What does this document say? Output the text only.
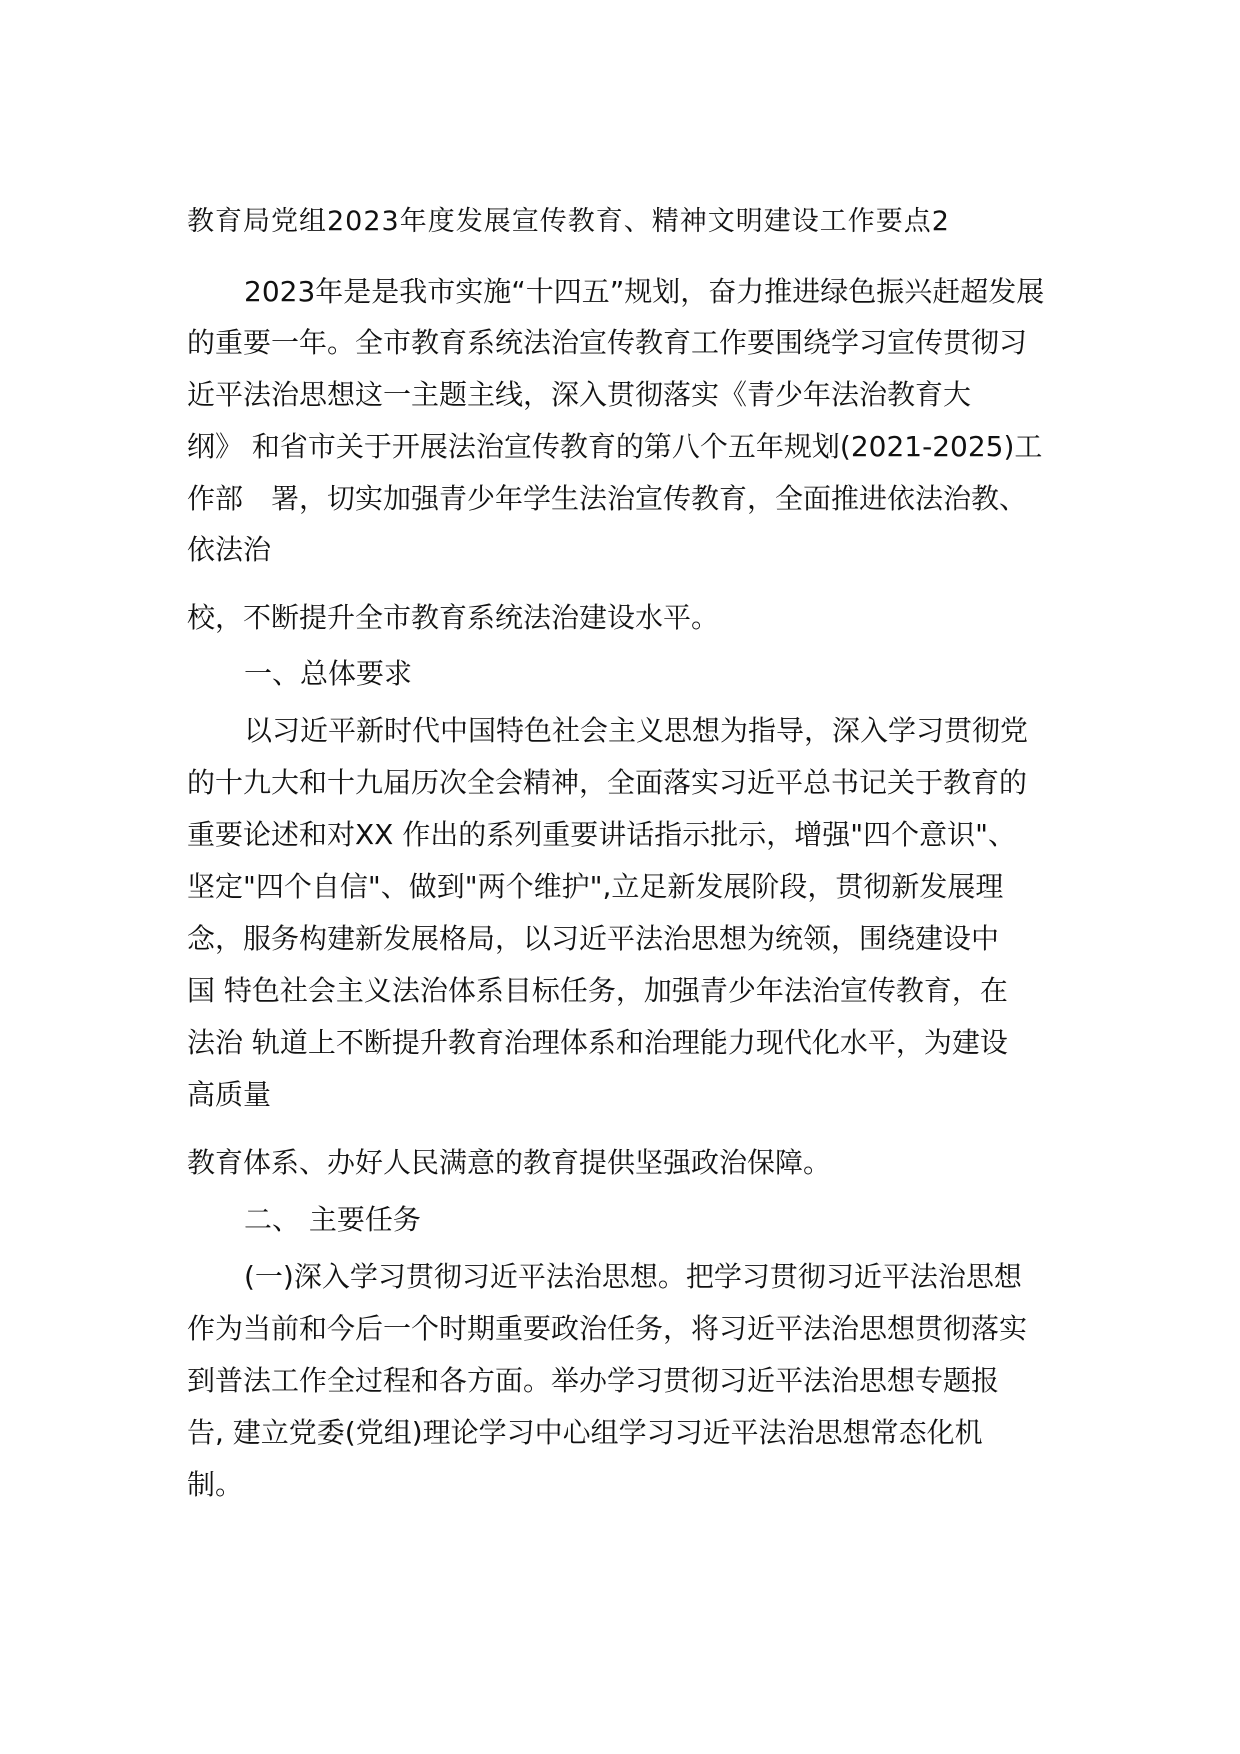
教育局党组2023年度发展宣传教育、精神文明建设工作要点2
2023年是是我市实施“十四五”规划，奋力推进绿色振兴赶超发展
的重要一年。全市教育系统法治宣传教育工作要围绕学习宣传贯彻习
近平法治思想这一主题主线，深入贯彻落实《青少年法治教育大
纲》 和省市关于开展法治宣传教育的第八个五年规划(2021-2025)工
作部　署，切实加强青少年学生法治宣传教育，全面推进依法治教、
依法治
校，不断提升全市教育系统法治建设水平。
一、总体要求
以习近平新时代中国特色社会主义思想为指导，深入学习贯彻党
的十九大和十九届历次全会精神，全面落实习近平总书记关于教育的
重要论述和对XX 作出的系列重要讲话指示批示，增强"四个意识"、
坚定"四个自信"、做到"两个维护",立足新发展阶段，贯彻新发展理
念，服务构建新发展格局，以习近平法治思想为统领，围绕建设中
国 特色社会主义法治体系目标任务，加强青少年法治宣传教育，在
法治 轨道上不断提升教育治理体系和治理能力现代化水平，为建设
高质量
教育体系、办好人民满意的教育提供坚强政治保障。
二、 主要任务
(一)深入学习贯彻习近平法治思想。把学习贯彻习近平法治思想
作为当前和今后一个时期重要政治任务，将习近平法治思想贯彻落实
到普法工作全过程和各方面。举办学习贯彻习近平法治思想专题报
告, 建立党委(党组)理论学习中心组学习习近平法治思想常态化机
制。
